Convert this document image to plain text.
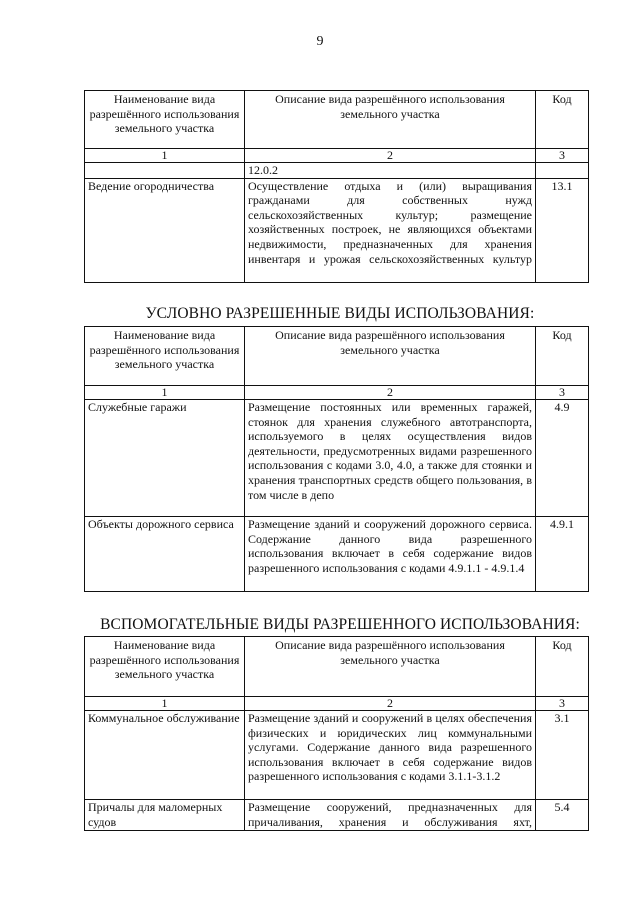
9
Наименование вида разрешённого использования земельного участка	Описание вида разрешённого использования земельного участка	Код
1	2	3
	12.0.2	
Ведение огородничества	Осуществление отдыха и (или) выращивания гражданами для собственных нужд сельскохозяйственных культур; размещение хозяйственных построек, не являющихся объектами недвижимости, предназначенных для хранения инвентаря и урожая сельскохозяйственных культур	13.1
УСЛОВНО РАЗРЕШЕННЫЕ ВИДЫ ИСПОЛЬЗОВАНИЯ:
Наименование вида разрешённого использования земельного участка	Описание вида разрешённого использования земельного участка	Код
1	2	3
Служебные гаражи	Размещение постоянных или временных гаражей, стоянок для хранения служебного автотранспорта, используемого в целях осуществления видов деятельности, предусмотренных видами разрешенного использования с кодами 3.0, 4.0, а также для стоянки и хранения транспортных средств общего пользования, в том числе в депо	4.9
Объекты дорожного сервиса	Размещение зданий и сооружений дорожного сервиса. Содержание данного вида разрешенного использования включает в себя содержание видов разрешенного использования с кодами 4.9.1.1 - 4.9.1.4	4.9.1
ВСПОМОГАТЕЛЬНЫЕ ВИДЫ РАЗРЕШЕННОГО ИСПОЛЬЗОВАНИЯ:
Наименование вида разрешённого использования земельного участка	Описание вида разрешённого использования земельного участка	Код
1	2	3
Коммунальное обслуживание	Размещение зданий и сооружений в целях обеспечения физических и юридических лиц коммунальными услугами. Содержание данного вида разрешенного использования включает в себя содержание видов разрешенного использования с кодами 3.1.1-3.1.2	3.1
Причалы для маломерных судов	Размещение сооружений, предназначенных для причаливания, хранения и обслуживания яхт,	5.4
